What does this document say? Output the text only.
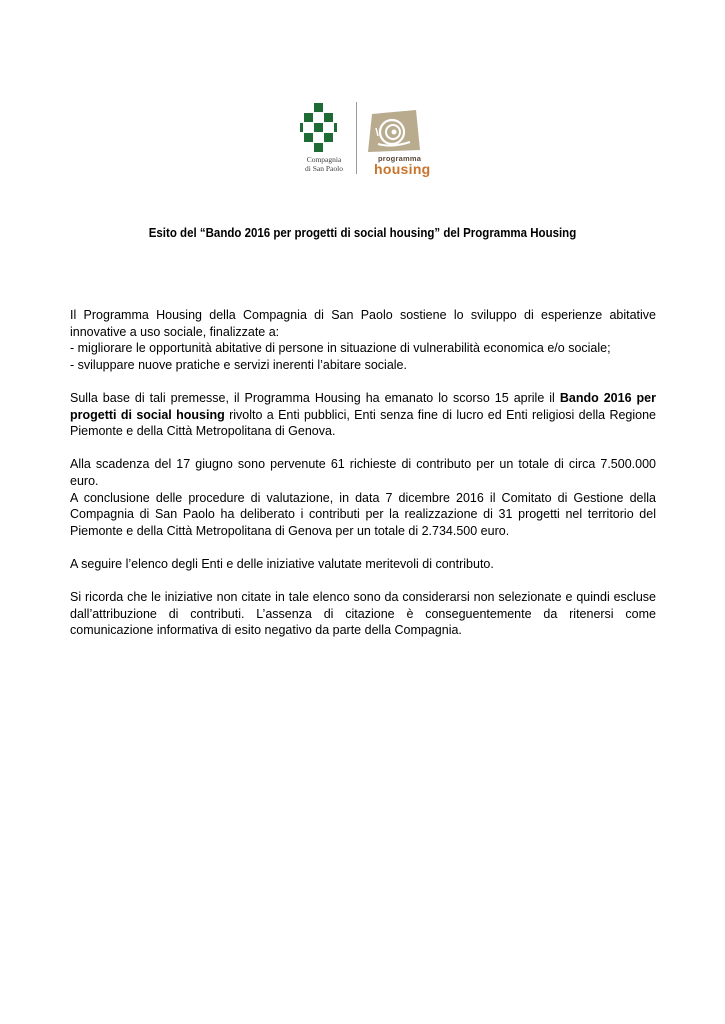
Compagnia
di San Paolo
programma
housing
Esito del “Bando 2016 per progetti di social housing” del Programma Housing
Il Programma Housing della Compagnia di San Paolo sostiene lo sviluppo di esperienze abitative innovative a uso sociale, finalizzate a:
- migliorare le opportunità abitative di persone in situazione di vulnerabilità economica e/o sociale;
- sviluppare nuove pratiche e servizi inerenti l’abitare sociale.
Sulla base di tali premesse, il Programma Housing ha emanato lo scorso 15 aprile il Bando 2016 per progetti di social housing rivolto a Enti pubblici, Enti senza fine di lucro ed Enti religiosi della Regione Piemonte e della Città Metropolitana di Genova.
Alla scadenza del 17 giugno sono pervenute 61 richieste di contributo per un totale di circa 7.500.000 euro.
A conclusione delle procedure di valutazione, in data 7 dicembre 2016 il Comitato di Gestione della Compagnia di San Paolo ha deliberato i contributi per la realizzazione di 31 progetti nel territorio del Piemonte e della Città Metropolitana di Genova per un totale di 2.734.500 euro.
A seguire l’elenco degli Enti e delle iniziative valutate meritevoli di contributo.
Si ricorda che le iniziative non citate in tale elenco sono da considerarsi non selezionate e quindi escluse dall’attribuzione di contributi. L’assenza di citazione è conseguentemente da ritenersi come comunicazione informativa di esito negativo da parte della Compagnia.
